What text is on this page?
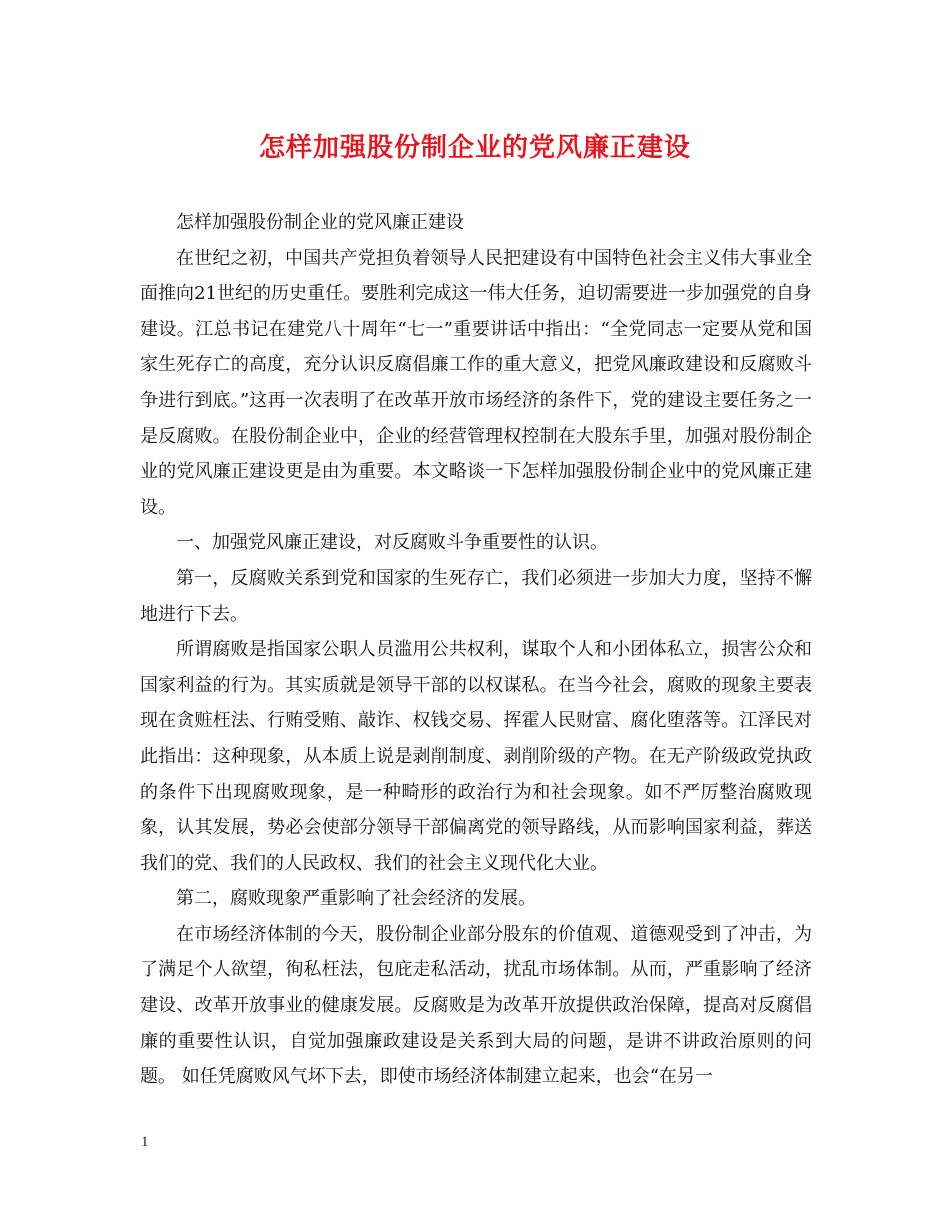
怎样加强股份制企业的党风廉正建设

怎样加强股份制企业的党风廉正建设

在世纪之初，中国共产党担负着领导人民把建设有中国特色社会主义伟大事业全面推向21世纪的历史重任。要胜利完成这一伟大任务，迫切需要进一步加强党的自身建设。江总书记在建党八十周年“七一”重要讲话中指出：“全党同志一定要从党和国家生死存亡的高度，充分认识反腐倡廉工作的重大意义，把党风廉政建设和反腐败斗争进行到底。”这再一次表明了在改革开放市场经济的条件下，党的建设主要任务之一是反腐败。在股份制企业中，企业的经营管理权控制在大股东手里，加强对股份制企业的党风廉正建设更是由为重要。本文略谈一下怎样加强股份制企业中的党风廉正建设。

一、加强党风廉正建设，对反腐败斗争重要性的认识。

第一，反腐败关系到党和国家的生死存亡，我们必须进一步加大力度，坚持不懈地进行下去。

所谓腐败是指国家公职人员滥用公共权利，谋取个人和小团体私立，损害公众和国家利益的行为。其实质就是领导干部的以权谋私。在当今社会，腐败的现象主要表现在贪赃枉法、行贿受贿、敲诈、权钱交易、挥霍人民财富、腐化堕落等。江泽民对此指出：这种现象，从本质上说是剥削制度、剥削阶级的产物。在无产阶级政党执政的条件下出现腐败现象，是一种畸形的政治行为和社会现象。如不严厉整治腐败现象，认其发展，势必会使部分领导干部偏离党的领导路线，从而影响国家利益，葬送我们的党、我们的人民政权、我们的社会主义现代化大业。

第二，腐败现象严重影响了社会经济的发展。

在市场经济体制的今天，股份制企业部分股东的价值观、道德观受到了冲击，为了满足个人欲望，徇私枉法，包庇走私活动，扰乱市场体制。从而，严重影响了经济建设、改革开放事业的健康发展。反腐败是为改革开放提供政治保障，提高对反腐倡廉的重要性认识，自觉加强廉政建设是关系到大局的问题，是讲不讲政治原则的问题。 如任凭腐败风气坏下去，即使市场经济体制建立起来，也会“在另一

1
